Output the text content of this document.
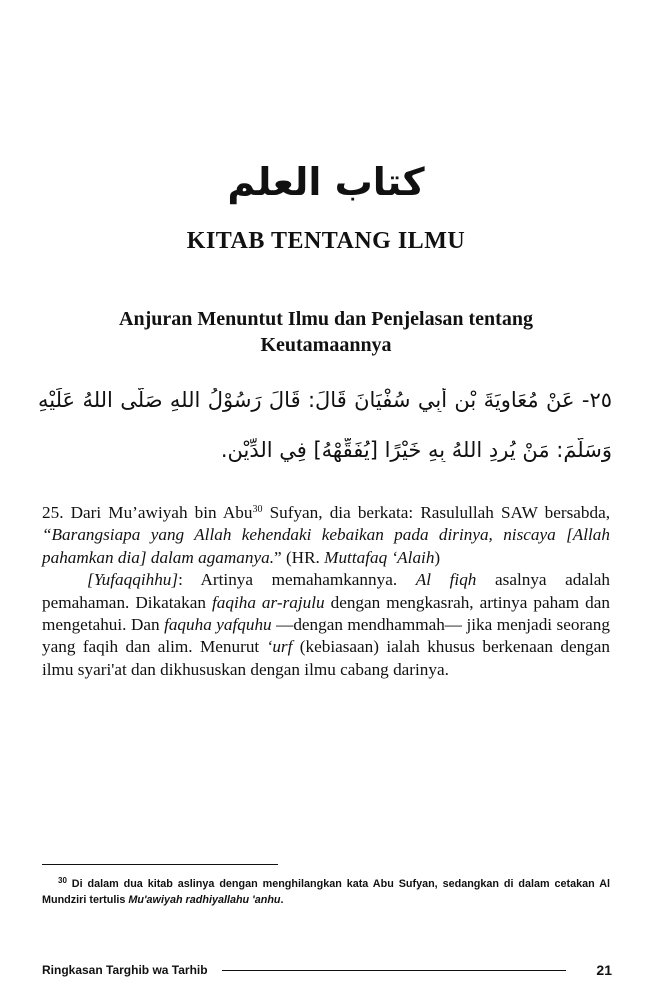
كتاب العلم
KITAB TENTANG ILMU
Anjuran Menuntut Ilmu dan Penjelasan tentang Keutamaannya
٢٥- عَنْ مُعَاوِيَةَ بْنِ أَبِي سُفْيَانَ قَالَ: قَالَ رَسُوْلُ اللهِ صَلَّى اللهُ عَلَيْهِ
وَسَلَّمَ: مَنْ يُرِدِ اللهُ بِهِ خَيْرًا [يُفَقِّهْهُ] فِي الدِّيْنِ.

25. Dari Mu’awiyah bin Abu$^{30}$ Sufyan, dia berkata: Rasulullah SAW bersabda, “Barangsiapa yang Allah kehendaki kebaikan pada dirinya, niscaya [Allah pahamkan dia] dalam agamanya.” (HR. Muttafaq ‘Alaih)

[Yufaqqihhu]: Artinya memahamkannya. Al fiqh asalnya adalah pemahaman. Dikatakan faqiha ar-rajulu dengan mengkasrah, artinya paham dan mengetahui. Dan faquha yafquhu —dengan mendhammah— jika menjadi seorang yang faqih dan alim. Menurut ‘urf (kebiasaan) ialah khusus berkenaan dengan ilmu syari'at dan dikhususkan dengan ilmu cabang darinya.

$^{30}$ Di dalam dua kitab aslinya dengan menghilangkan kata Abu Sufyan, sedangkan di dalam cetakan Al Mundziri tertulis Mu'awiyah radhiyallahu 'anhu.
Ringkasan Targhib wa Tarhib	21
